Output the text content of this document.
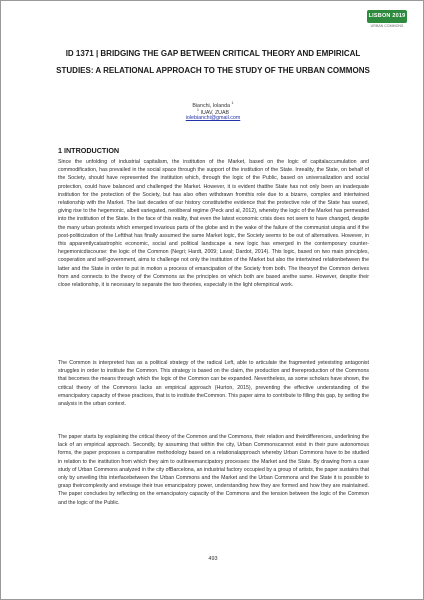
LISBON 2019
URBAN COMMONS
ID 1371 | BRIDGING THE GAP BETWEEN CRITICAL THEORY AND EMPIRICAL STUDIES: A RELATIONAL APPROACH TO THE STUDY OF THE URBAN COMMONS
Bianchi, Iolanda $^1$
$^1$ IUAV, ZUAB
iolebianchi@gmail.com
1 INTRODUCTION

Since the unfolding of industrial capitalism, the institution of the Market, based on the logic of capitalaccumulation and commodification, has prevailed in the social space through the support of the institution of the State. Inreality, the State, on behalf of the Society, should have represented the institution which, through the logic of the Public, based on universalization and social protection, could have balanced and challenged the Market. However, it is evident thatthe State has not only been an inadequate institution for the protection of the Society, but has also often withdrawn fromthis role due to a bizarre, complex and intertwined relationship with the Market. The last decades of our history constitutethe evidence that the protective role of the State has waned, giving rise to the hegemonic, albeit variegated, neoliberal regime (Peck and al, 2012), whereby the logic of the Market has permeated into the institution of the State. In the face of this reality, that even the latest economic crisis does not seem to have changed, despite the many urban protests which emerged invarious parts of the globe and in the wake of the failure of the communist utopia and if the post-politicization of the Leftthat has finally assumed the same Market logic, the Society seems to be out of alternatives. However, in this apparentlycatastrophic economic, social and political landscape a new logic has emerged in the contemporary counter-hegemonicdiscourse: the logic of the Common (Negri; Hardt, 2009; Laval; Dardot, 2014). This logic, based on two main principles, cooperation and self-government, aims to challenge not only the institution of the Market but also the intertwined relationbetween the latter and the State in order to put in motion a process of emancipation of the Society from both. The theoryof the Common derives from and connects to the theory of the Commons as the principles on which both are based arethe same. However, despite their close relationship, it is necessary to separate the two theories, especially in the light ofempirical work.

The Common is interpreted has as a political strategy of the radical Left, able to articulate the fragmented yetexisting antagonist struggles in order to institute the Common. This strategy is based on the claim, the production and thereproduction of the Commons that becomes the means through which the logic of the Common can be expanded. Nevertheless, as some scholars have shown, the critical theory of the Commons lacks an empirical approach (Hurton, 2015), preventing the effective understanding of the emancipatory capacity of these practices, that is to institute theCommon. This paper aims to contribute to filling this gap, by setting the analysis in the urban context.

The paper starts by explaining the critical theory of the Common and the Commons, their relation and theirdifferences, underlining the lack of an empirical approach. Secondly, by assuming that within the city, Urban Commonscannot exist in their pure autonomous forms, the paper proposes a comparative methodology based on a relationalapproach whereby Urban Commons have to be studied in relation to the institution from which they aim to outlineemancipatory processes: the Market and the State. By drawing from a case study of Urban Commons analyzed in the city ofBarcelona, an industrial factory occupied by a group of artists, the paper sustains that only by unveiling this interfacebetween the Urban Commons and the Market and the Urban Commons and the State it is possible to grasp theircomplexity and envisage their true emancipatory power, understanding how they are formed and how they are maintained. The paper concludes by reflecting on the emancipatory capacity of the Commons and the tension between the logic of the Common and the logic of the Public.

493
